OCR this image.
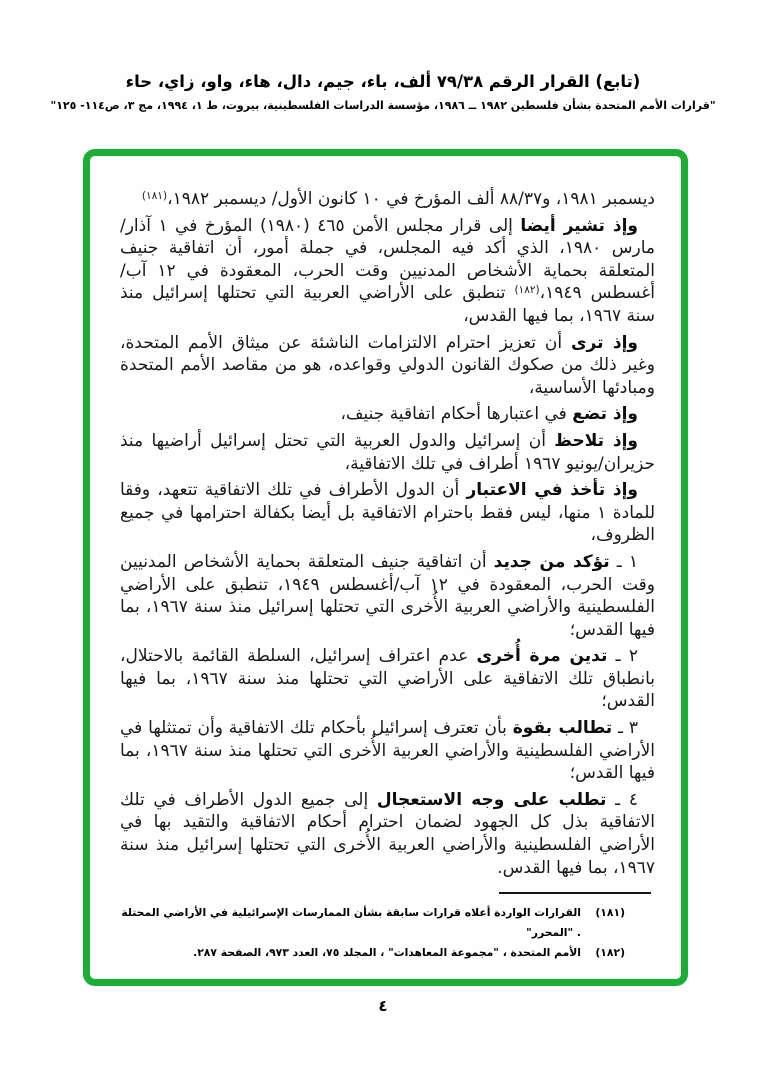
(تابع) القرار الرقم ٧٩/٣٨ ألف، باء، جيم، دال، هاء، واو، زاي، حاء
"قرارات الأمم المتحدة بشأن فلسطين ١٩٨٢ ــ ١٩٨٦، مؤسسة الدراسات الفلسطينية، بيروت، ط ١، ١٩٩٤، مج ٣، ص١١٤- ١٢٥"

ديسمبر ١٩٨١، و٨٨/٣٧ ألف المؤرخ في ١٠ كانون الأول/ ديسمبر ١٩٨٢،$^{(١٨١)}$

وإذ تشير أيضا إلى قرار مجلس الأمن ٤٦٥ (١٩٨٠) المؤرخ في ١ آذار/مارس ١٩٨٠، الذي أكد فيه المجلس، في جملة أمور، أن اتفاقية جنيف المتعلقة بحماية الأشخاص المدنيين وقت الحرب، المعقودة في ١٢ آب/أغسطس ١٩٤٩،$^{(١٨٢)}$ تنطبق على الأراضي العربية التي تحتلها إسرائيل منذ سنة ١٩٦٧، بما فيها القدس،

وإذ ترى أن تعزيز احترام الالتزامات الناشئة عن ميثاق الأمم المتحدة، وغير ذلك من صكوك القانون الدولي وقواعده، هو من مقاصد الأمم المتحدة ومبادئها الأساسية،

وإذ تضع في اعتبارها أحكام اتفاقية جنيف،

وإذ تلاحظ أن إسرائيل والدول العربية التي تحتل إسرائيل أراضيها منذ حزيران/يونيو ١٩٦٧ أطراف في تلك الاتفاقية،

وإذ تأخذ في الاعتبار أن الدول الأطراف في تلك الاتفاقية تتعهد، وفقا للمادة ١ منها، ليس فقط باحترام الاتفاقية بل أيضا بكفالة احترامها في جميع الظروف،

١ ـ تؤكد من جديد أن اتفاقية جنيف المتعلقة بحماية الأشخاص المدنيين وقت الحرب، المعقودة في ١٢ آب/أغسطس ١٩٤٩، تنطبق على الأراضي الفلسطينية والأراضي العربية الأُخرى التي تحتلها إسرائيل منذ سنة ١٩٦٧، بما فيها القدس؛

٢ ـ تدين مرة أُخرى عدم اعتراف إسرائيل، السلطة القائمة بالاحتلال، بانطباق تلك الاتفاقية على الأراضي التي تحتلها منذ سنة ١٩٦٧، بما فيها القدس؛

٣ ـ تطالب بقوة بأن تعترف إسرائيل بأحكام تلك الاتفاقية وأن تمتثلها في الأراضي الفلسطينية والأراضي العربية الأُخرى التي تحتلها منذ سنة ١٩٦٧، بما فيها القدس؛

٤ ـ تطلب على وجه الاستعجال إلى جميع الدول الأطراف في تلك الاتفاقية بذل كل الجهود لضمان احترام أحكام الاتفاقية والتقيد بها في الأراضي الفلسطينية والأراضي العربية الأُخرى التي تحتلها إسرائيل منذ سنة ١٩٦٧، بما فيها القدس.

(١٨١)
القرارات الواردة أعلاه قرارات سابقة بشأن الممارسات الإسرائيلية في الأراضي المحتلة . "المحرر"
(١٨٢)
الأمم المتحدة ، "مجموعة المعاهدات" ، المجلد ٧٥، العدد ٩٧٣، الصفحة ٢٨٧.
٤
